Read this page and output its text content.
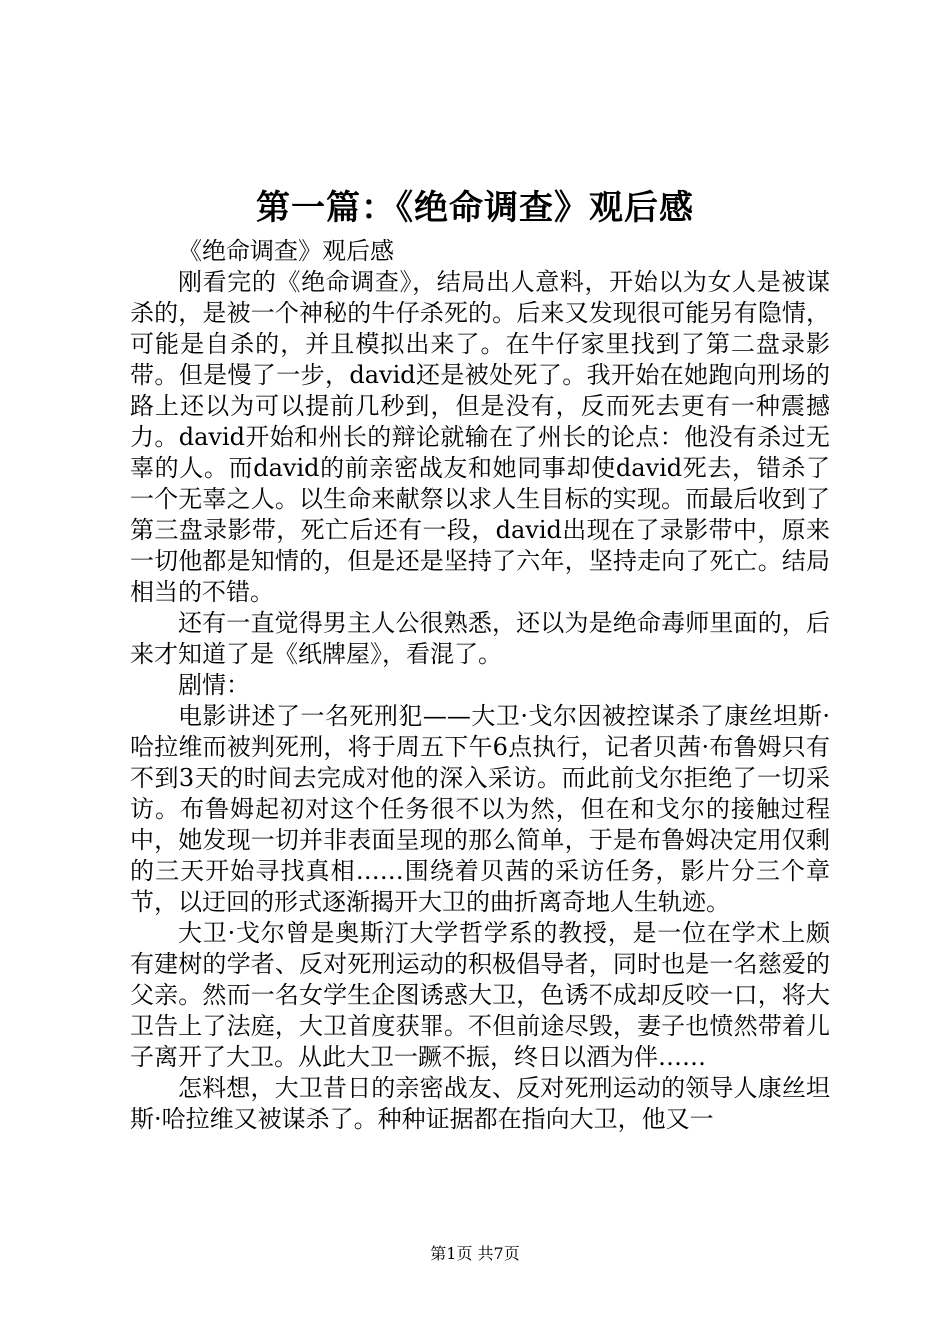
第一篇：《绝命调查》观后感

《绝命调查》观后感

刚看完的《绝命调查》，结局出人意料，开始以为女人是被谋杀的，是被一个神秘的牛仔杀死的。后来又发现很可能另有隐情，可能是自杀的，并且模拟出来了。在牛仔家里找到了第二盘录影带。但是慢了一步，david还是被处死了。我开始在她跑向刑场的路上还以为可以提前几秒到，但是没有，反而死去更有一种震撼力。david开始和州长的辩论就输在了州长的论点：他没有杀过无辜的人。而david的前亲密战友和她同事却使david死去，错杀了一个无辜之人。以生命来献祭以求人生目标的实现。而最后收到了第三盘录影带，死亡后还有一段，david出现在了录影带中，原来一切他都是知情的，但是还是坚持了六年，坚持走向了死亡。结局相当的不错。

还有一直觉得男主人公很熟悉，还以为是绝命毒师里面的，后来才知道了是《纸牌屋》，看混了。

剧情：

电影讲述了一名死刑犯——大卫·戈尔因被控谋杀了康丝坦斯·哈拉维而被判死刑，将于周五下午6点执行，记者贝茜·布鲁姆只有不到3天的时间去完成对他的深入采访。而此前戈尔拒绝了一切采访。布鲁姆起初对这个任务很不以为然，但在和戈尔的接触过程中，她发现一切并非表面呈现的那么简单，于是布鲁姆决定用仅剩的三天开始寻找真相……围绕着贝茜的采访任务，影片分三个章节，以迂回的形式逐渐揭开大卫的曲折离奇地人生轨迹。

大卫·戈尔曾是奥斯汀大学哲学系的教授，是一位在学术上颇有建树的学者、反对死刑运动的积极倡导者，同时也是一名慈爱的父亲。然而一名女学生企图诱惑大卫，色诱不成却反咬一口，将大卫告上了法庭，大卫首度获罪。不但前途尽毁，妻子也愤然带着儿子离开了大卫。从此大卫一蹶不振，终日以酒为伴……

怎料想，大卫昔日的亲密战友、反对死刑运动的领导人康丝坦斯·哈拉维又被谋杀了。种种证据都在指向大卫，他又一

第1页 共7页
